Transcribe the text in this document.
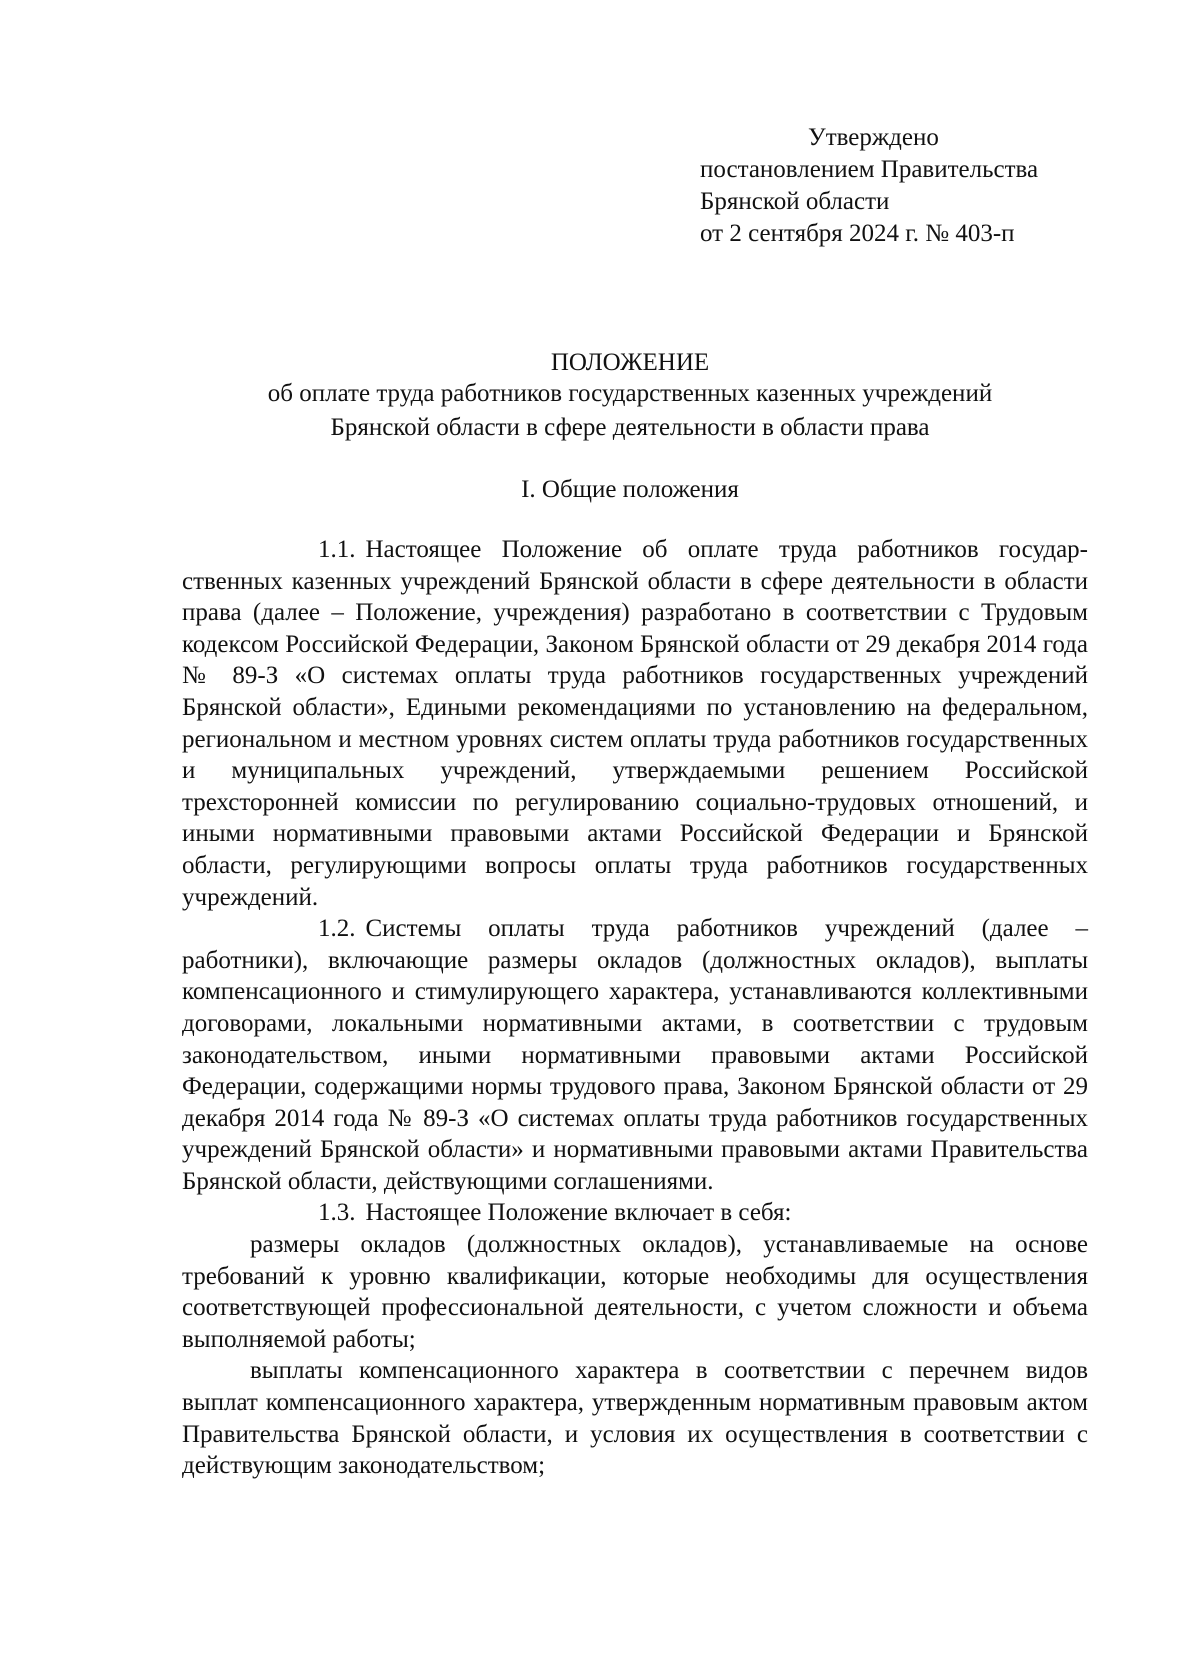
Утверждено
постановлением Правительства
Брянской области
от 2 сентября 2024 г. № 403-п
ПОЛОЖЕНИЕ
об оплате труда работников государственных казенных учреждений
Брянской области в сфере деятельности в области права
I. Общие положения

1.1. Настоящее Положение об оплате труда работников государственных казенных учреждений Брянской области в сфере деятельности в области права (далее – Положение, учреждения) разработано в соответствии с Трудовым кодексом Российской Федерации, Законом Брянской области от 29 декабря 2014 года № 89-З «О системах оплаты труда работников государственных учреждений Брянской области», Едиными рекомендациями по установлению на федеральном, региональном и местном уровнях систем оплаты труда работников государственных и муниципальных учреждений, утверждаемыми решением Российской трехсторонней комиссии по регулированию социально-трудовых отношений, и иными нормативными правовыми актами Российской Федерации и Брянской области, регулирующими вопросы оплаты труда работников государственных учреждений.

1.2. Системы оплаты труда работников учреждений (далее – работники), включающие размеры окладов (должностных окладов), выплаты компенсационного и стимулирующего характера, устанавливаются коллективными договорами, локальными нормативными актами, в соответствии с трудовым законодательством, иными нормативными правовыми актами Российской Федерации, содержащими нормы трудового права, Законом Брянской области от 29 декабря 2014 года № 89-З «О системах оплаты труда работников государственных учреждений Брянской области» и нормативными правовыми актами Правительства Брянской области, действующими соглашениями.

1.3. Настоящее Положение включает в себя:

размеры окладов (должностных окладов), устанавливаемые на основе требований к уровню квалификации, которые необходимы для осуществления соответствующей профессиональной деятельности, с учетом сложности и объема выполняемой работы;

выплаты компенсационного характера в соответствии с перечнем видов выплат компенсационного характера, утвержденным нормативным правовым актом Правительства Брянской области, и условия их осуществления в соответствии с действующим законодательством;
